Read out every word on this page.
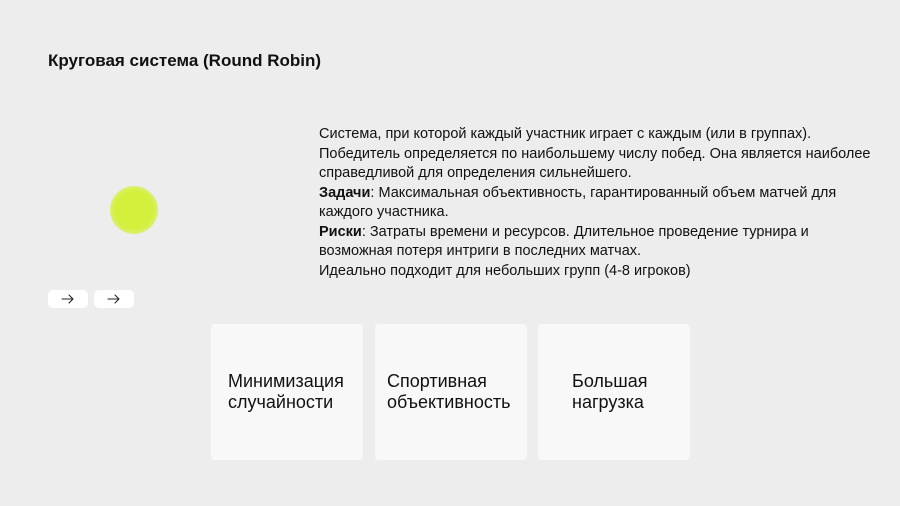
Круговая система (Round Robin)

Система, при которой каждый участник играет с каждым (или в группах). Победитель определяется по наибольшему числу побед. Она является наиболее справедливой для определения сильнейшего.

Задачи: Максимальная объективность, гарантированный объем матчей для каждого участника.

Риски: Затраты времени и ресурсов. Длительное проведение турнира и возможная потеря интриги в последних матчах.

Идеально подходит для небольших групп (4-8 игроков)

Минимизация
случайности
Спортивная
объективность
Большая
нагрузка
